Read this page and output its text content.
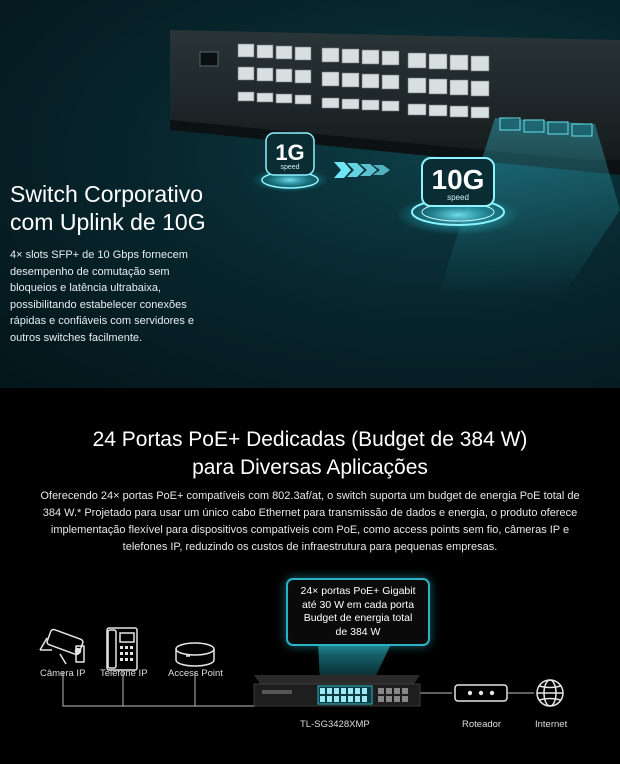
1G
speed	10G
speed
Switch Corporativo
com Uplink de 10G

4× slots SFP+ de 10 Gbps fornecem desempenho de comutação sem bloqueios e latência ultrabaixa, possibilitando estabelecer conexões rápidas e confiáveis com servidores e outros switches facilmente.

24 Portas PoE+ Dedicadas (Budget de 384 W)
para Diversas Aplicações

Oferecendo 24× portas PoE+ compatíveis com 802.3af/at, o switch suporta um budget de energia PoE total de 384 W.* Projetado para usar um único cabo Ethernet para transmissão de dados e energia, o produto oferece implementação flexível para dispositivos compatíveis com PoE, como access points sem fio, câmeras IP e telefones IP, reduzindo os custos de infraestrutura para pequenas empresas.

24× portas PoE+ Gigabit
até 30 W em cada porta
Budget de energia total
de 384 W
Câmera IP Telefone IP Access Point
TL-SG3428XMP	Roteador	Internet
